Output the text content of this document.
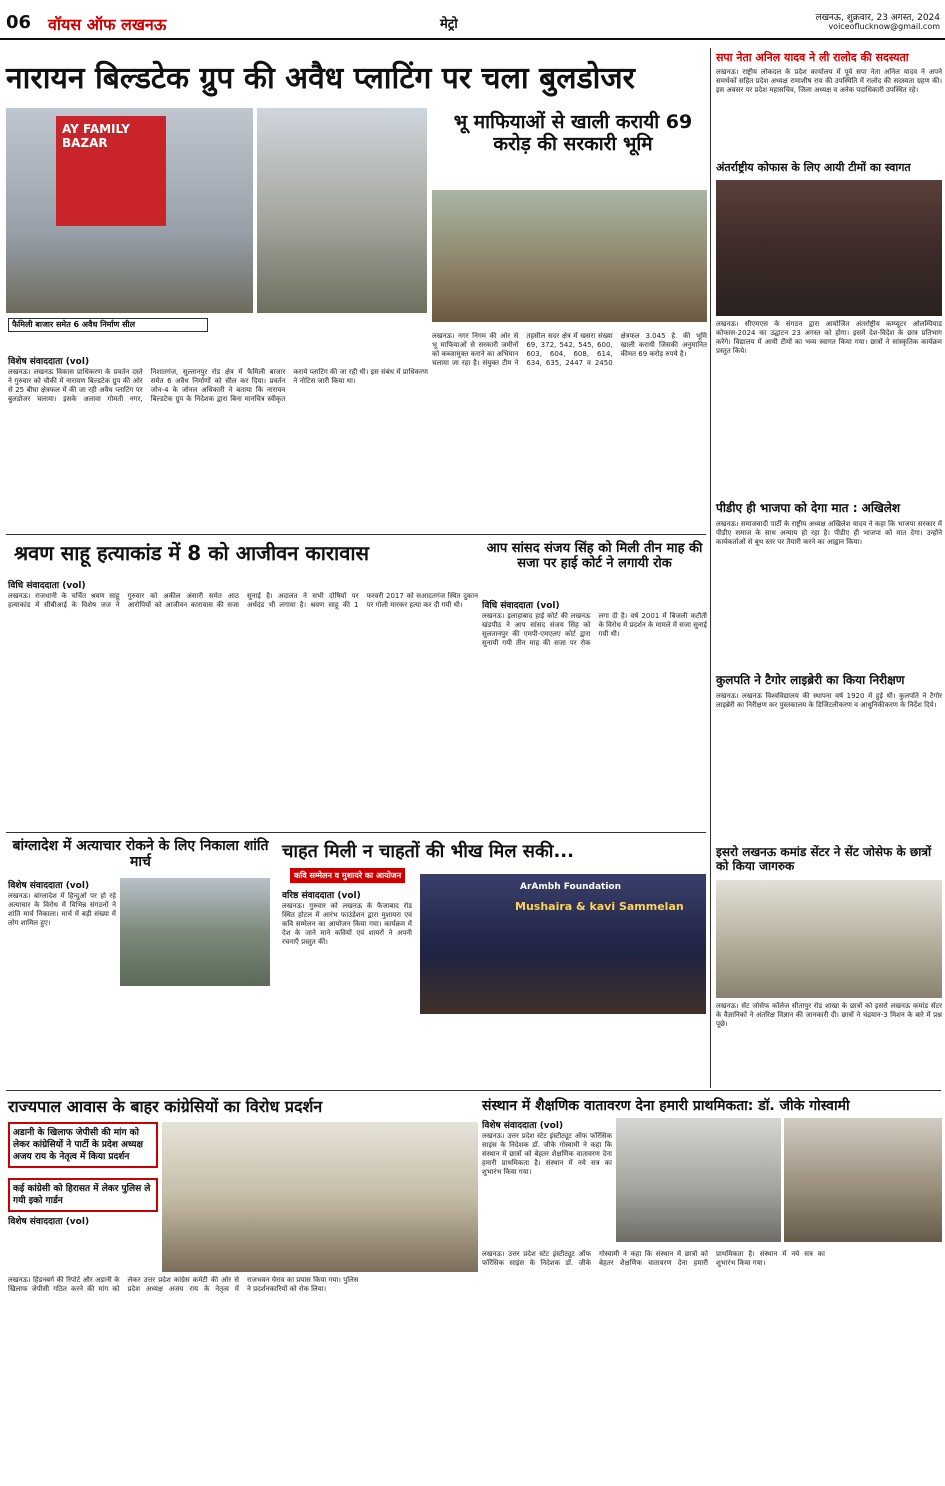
06 वॉयस ऑफ लखनऊ	मेट्रो	लखनऊ, शुक्रवार, 23 अगस्त, 2024
voiceoflucknow@gmail.com
नारायन बिल्डटेक ग्रुप की अवैध प्लाटिंग पर चला बुलडोजर
AY FAMILY BAZAR
फैमिली बाजार समेत 6 अवैध निर्माण सील
विशेष संवाददाता (vol)
लखनऊ। लखनऊ विकास प्राधिकरण के प्रवर्तन दस्ते ने गुरुवार को चौकी में नारायण बिल्डटेक ग्रुप की ओर से 25 बीघा क्षेत्रफल में की जा रही अवैध प्लाटिंग पर बुलडोजर चलाया। इसके अलावा गोमती नगर, निशातगंज, सुल्तानपुर रोड क्षेत्र में फैमिली बाजार समेत 6 अवैध निर्माणों को सील कर दिया। प्रवर्तन जोन-4 के जोनल अधिकारी ने बताया कि नारायन बिल्डटेक ग्रुप के निदेशक द्वारा बिना मानचित्र स्वीकृत कराये प्लाटिंग की जा रही थी। इस संबंध में प्राधिकरण ने नोटिस जारी किया था।
भू माफियाओं से खाली करायी 69 करोड़ की सरकारी भूमि
लखनऊ। नगर निगम की ओर से भू माफियाओं से सरकारी जमीनों को कब्जामुक्त कराने का अभियान चलाया जा रहा है। संयुक्त टीम ने तहसील सदर क्षेत्र में खसरा संख्या 69, 372, 542, 545, 600, 603, 604, 608, 614, 634, 635, 2447 व 2450 क्षेत्रफल 3.045 हे. की भूमि खाली करायी जिसकी अनुमानित कीमत 69 करोड़ रुपये है।
सपा नेता अनिल यादव ने ली रालोद की सदस्यता
लखनऊ। राष्ट्रीय लोकदल के प्रदेश कार्यालय में पूर्व सपा नेता अनिल यादव ने अपने समर्थकों सहित प्रदेश अध्यक्ष रामाशीष राय की उपस्थिति में रालोद की सदस्यता ग्रहण की। इस अवसर पर प्रदेश महासचिव, जिला अध्यक्ष व अनेक पदाधिकारी उपस्थित रहे।
अंतर्राष्ट्रीय कोफास के लिए आयी टीमों का स्वागत
लखनऊ। सीएमएस के संगठन द्वारा आयोजित अंतर्राष्ट्रीय कम्प्यूटर ओलम्पियाड कोफास-2024 का उद्घाटन 23 अगस्त को होगा। इसमें देश-विदेश के छात्र प्रतिभाग करेंगे। विद्यालय में आयी टीमों का भव्य स्वागत किया गया। छात्रों ने सांस्कृतिक कार्यक्रम प्रस्तुत किये।
पीडीए ही भाजपा को देगा मात : अखिलेश
लखनऊ। समाजवादी पार्टी के राष्ट्रीय अध्यक्ष अखिलेश यादव ने कहा कि भाजपा सरकार में पीडीए समाज के साथ अन्याय हो रहा है। पीडीए ही भाजपा को मात देगा। उन्होंने कार्यकर्ताओं से बूथ स्तर पर तैयारी करने का आह्वान किया।
कुलपति ने टैगोर लाइब्रेरी का किया निरीक्षण
लखनऊ। लखनऊ विश्वविद्यालय की स्थापना वर्ष 1920 में हुई थी। कुलपति ने टैगोर लाइब्रेरी का निरीक्षण कर पुस्तकालय के डिजिटलीकरण व आधुनिकीकरण के निर्देश दिये।
इसरो लखनऊ कमांड सेंटर ने सेंट जोसेफ के छात्रों को किया जागरुक
लखनऊ। सेंट जोसेफ कॉलेज सीतापुर रोड शाखा के छात्रों को इसरो लखनऊ कमांड सेंटर के वैज्ञानिकों ने अंतरिक्ष विज्ञान की जानकारी दी। छात्रों ने चंद्रयान-3 मिशन के बारे में प्रश्न पूछे।
श्रवण साहू हत्याकांड में 8 को आजीवन कारावास
विधि संवाददाता (vol)
लखनऊ। राजधानी के चर्चित श्रवण साहू हत्याकांड में सीबीआई के विशेष जज ने गुरुवार को अकील अंसारी समेत आठ आरोपियों को आजीवन कारावास की सजा सुनाई है। अदालत ने सभी दोषियों पर अर्थदंड भी लगाया है। श्रवण साहू की 1 फरवरी 2017 को सआदतगंज स्थित दुकान पर गोली मारकर हत्या कर दी गयी थी।
आप सांसद संजय सिंह को मिली तीन माह की सजा पर हाई कोर्ट ने लगायी रोक
विधि संवाददाता (vol)
लखनऊ। इलाहाबाद हाई कोर्ट की लखनऊ खंडपीठ ने आप सांसद संजय सिंह को सुलतानपुर की एमपी-एमएलए कोर्ट द्वारा सुनायी गयी तीन माह की सजा पर रोक लगा दी है। वर्ष 2001 में बिजली कटौती के विरोध में प्रदर्शन के मामले में सजा सुनाई गयी थी।
बांग्लादेश में अत्याचार रोकने के लिए निकाला शांति मार्च
विशेष संवाददाता (vol)
लखनऊ। बांग्लादेश में हिन्दुओं पर हो रहे अत्याचार के विरोध में विभिन्न संगठनों ने शांति मार्च निकाला। मार्च में बड़ी संख्या में लोग शामिल हुए।
चाहत मिली न चाहतों की भीख मिल सकी...
कवि सम्मेलन व मुशायरे का आयोजन
वरिष्ठ संवाददाता (vol)
लखनऊ। गुरुवार को लखनऊ के फैजाबाद रोड स्थित होटल में आरंभ फाउंडेशन द्वारा मुशायरा एवं कवि सम्मेलन का आयोजन किया गया। कार्यक्रम में देश के जाने माने कवियों एवं शायरों ने अपनी रचनाएँ प्रस्तुत कीं।
ArAmbh Foundation
Mushaira & kavi Sammelan
राज्यपाल आवास के बाहर कांग्रेसियों का विरोध प्रदर्शन
अडानी के खिलाफ जेपीसी की मांग को लेकर कांग्रेसियों ने पार्टी के प्रदेश अध्यक्ष अजय राय के नेतृत्व में किया प्रदर्शन
कई कांग्रेसी को हिरासत में लेकर पुलिस ले गयी इको गार्डन
विशेष संवाददाता (vol)
लखनऊ। हिंडनबर्ग की रिपोर्ट और अडानी के खिलाफ जेपीसी गठित करने की मांग को लेकर उत्तर प्रदेश कांग्रेस कमेटी की ओर से प्रदेश अध्यक्ष अजय राय के नेतृत्व में राजभवन घेराव का प्रयास किया गया। पुलिस ने प्रदर्शनकारियों को रोक लिया।
संस्थान में शैक्षणिक वातावरण देना हमारी प्राथमिकता: डॉ. जीके गोस्वामी
विशेष संवाददाता (vol)
लखनऊ। उत्तर प्रदेश स्टेट इंस्टीट्यूट ऑफ फॉरेंसिक साइंस के निदेशक डॉ. जीके गोस्वामी ने कहा कि संस्थान में छात्रों को बेहतर शैक्षणिक वातावरण देना हमारी प्राथमिकता है। संस्थान में नये सत्र का शुभारंभ किया गया।
लखनऊ। उत्तर प्रदेश स्टेट इंस्टीट्यूट ऑफ फॉरेंसिक साइंस के निदेशक डॉ. जीके गोस्वामी ने कहा कि संस्थान में छात्रों को बेहतर शैक्षणिक वातावरण देना हमारी प्राथमिकता है। संस्थान में नये सत्र का शुभारंभ किया गया।
